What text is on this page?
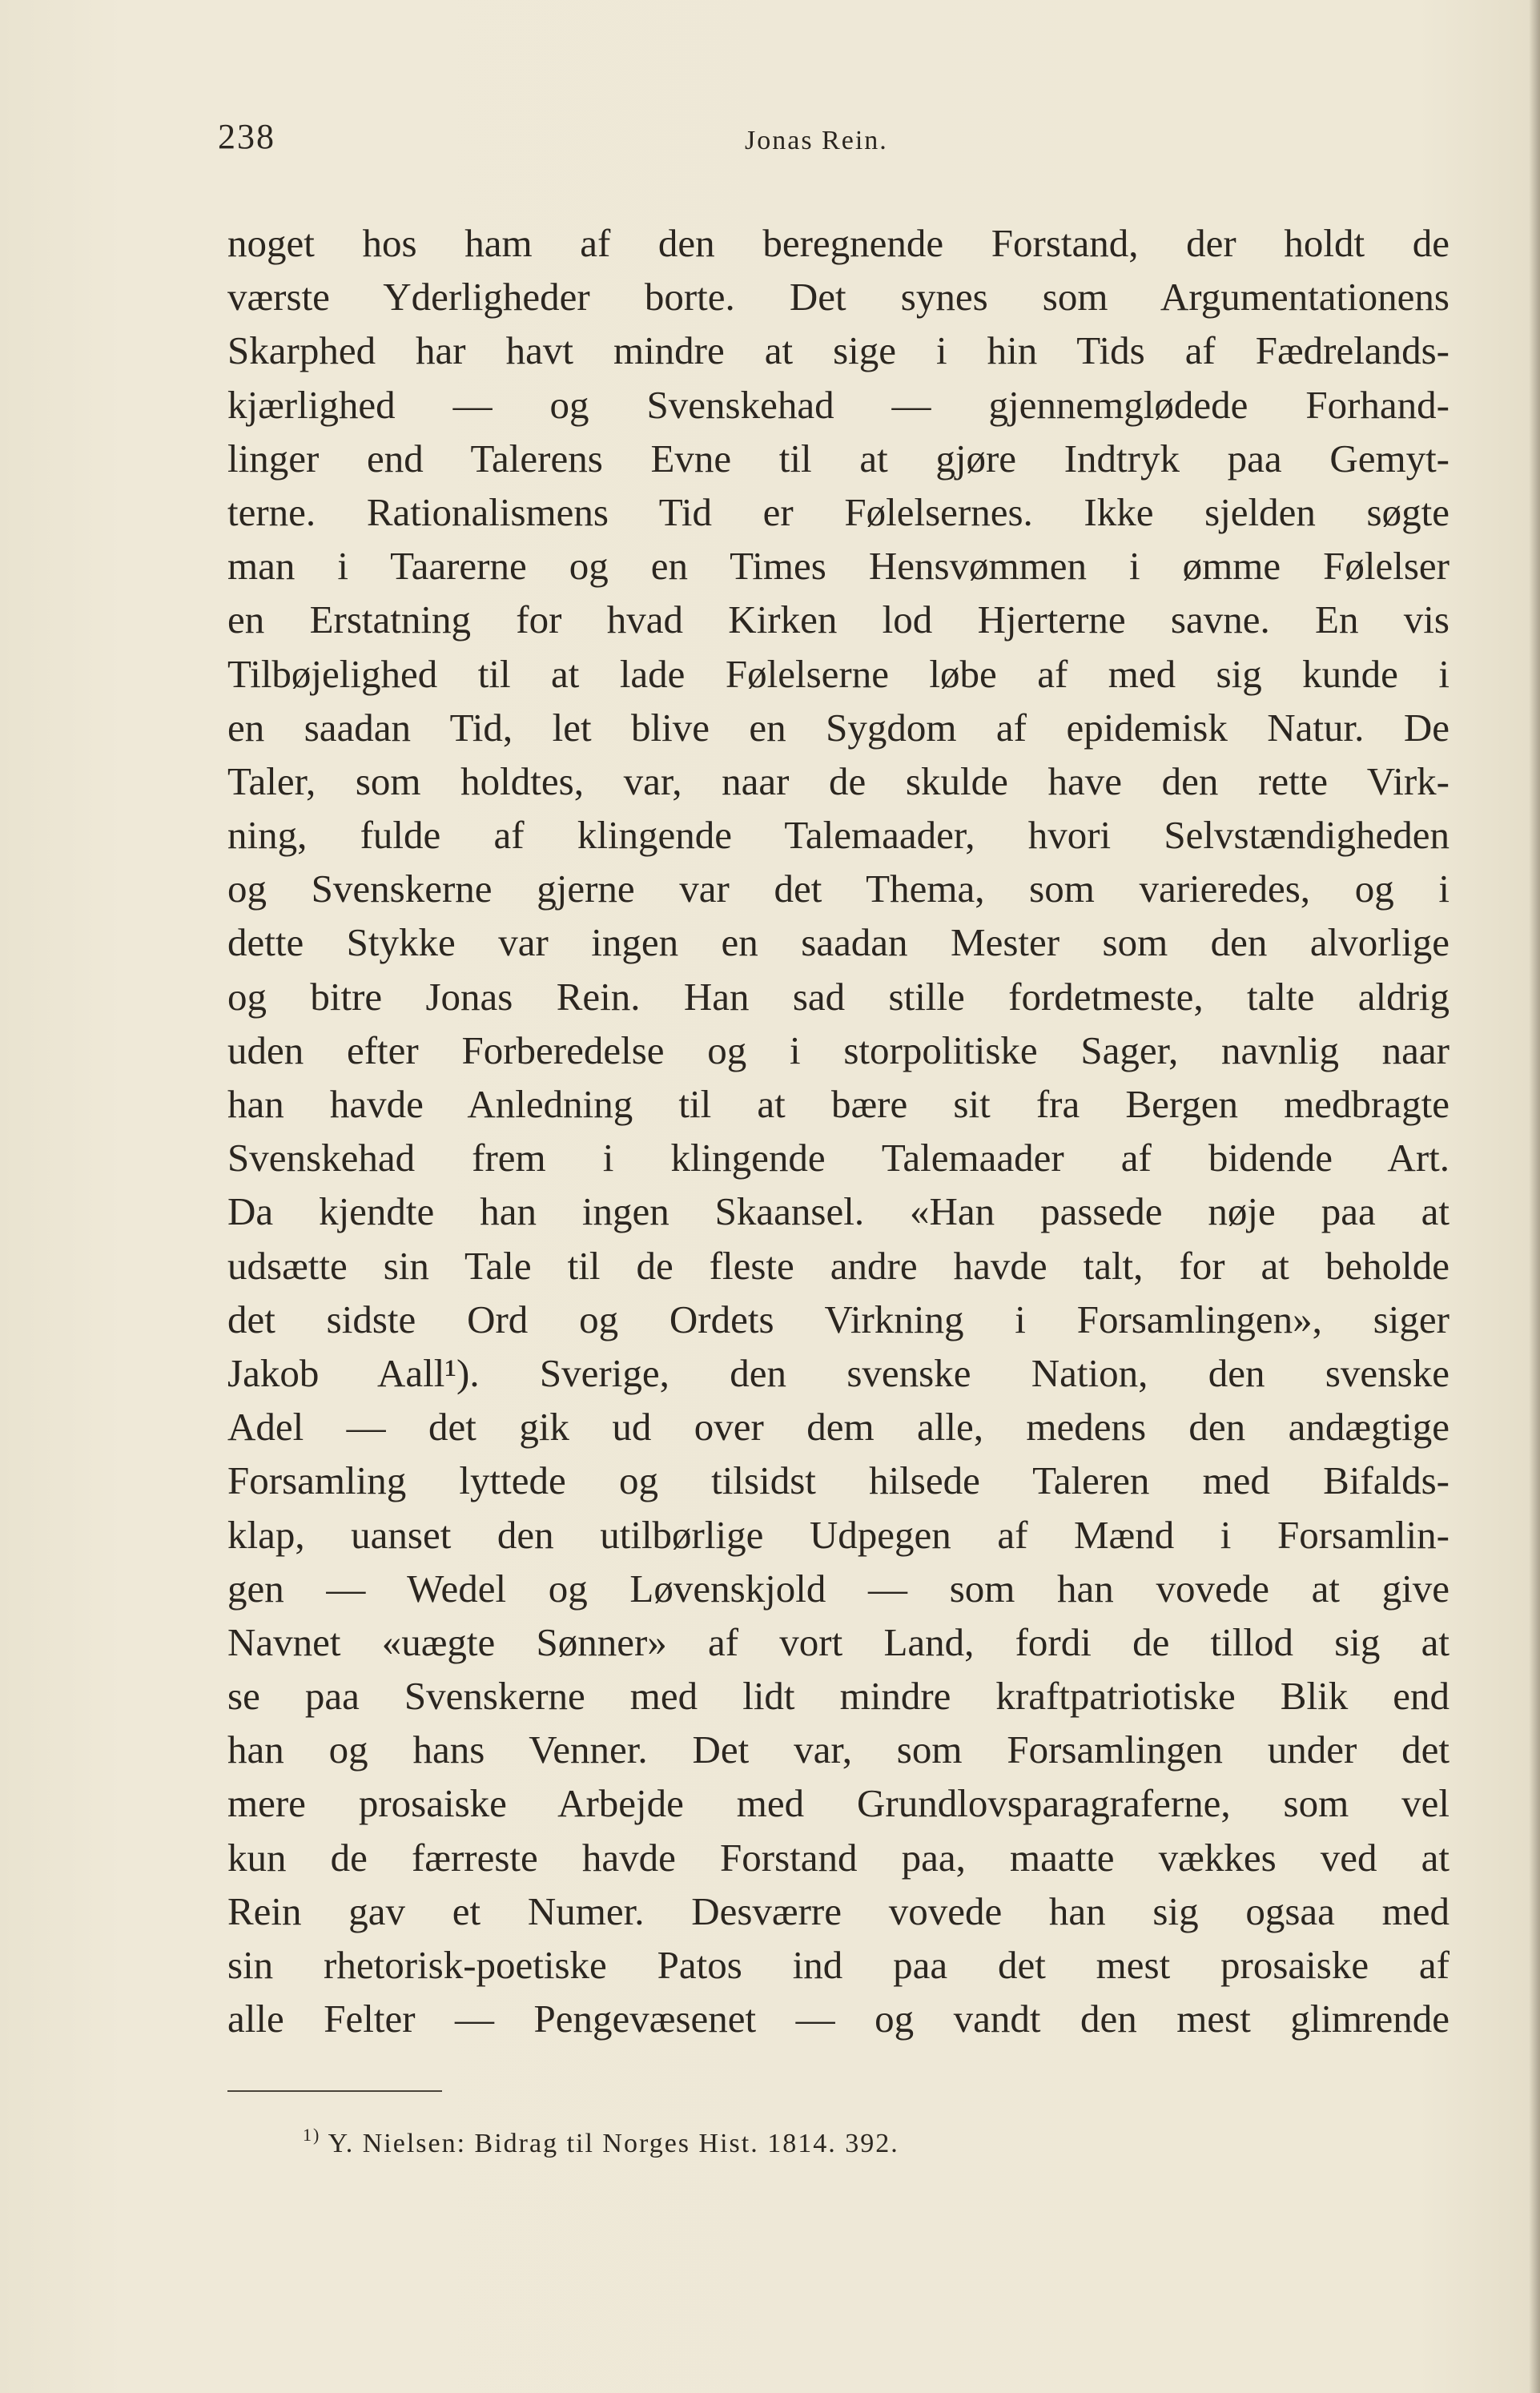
238	Jonas Rein.
noget hos ham af den beregnende Forstand, der holdt de
værste Yderligheder borte. Det synes som Argumentationens
Skarphed har havt mindre at sige i hin Tids af Fædrelands-
kjærlighed — og Svenskehad — gjennemglødede Forhand-
linger end Talerens Evne til at gjøre Indtryk paa Gemyt-
terne. Rationalismens Tid er Følelsernes. Ikke sjelden søgte
man i Taarerne og en Times Hensvømmen i ømme Følelser
en Erstatning for hvad Kirken lod Hjerterne savne. En vis
Tilbøjelighed til at lade Følelserne løbe af med sig kunde i
en saadan Tid, let blive en Sygdom af epidemisk Natur. De
Taler, som holdtes, var, naar de skulde have den rette Virk-
ning, fulde af klingende Talemaader, hvori Selvstændigheden
og Svenskerne gjerne var det Thema, som varieredes, og i
dette Stykke var ingen en saadan Mester som den alvorlige
og bitre Jonas Rein. Han sad stille fordetmeste, talte aldrig
uden efter Forberedelse og i storpolitiske Sager, navnlig naar
han havde Anledning til at bære sit fra Bergen medbragte
Svenskehad frem i klingende Talemaader af bidende Art.
Da kjendte han ingen Skaansel. «Han passede nøje paa at
udsætte sin Tale til de fleste andre havde talt, for at beholde
det sidste Ord og Ordets Virkning i Forsamlingen», siger
Jakob Aall¹). Sverige, den svenske Nation, den svenske
Adel — det gik ud over dem alle, medens den andægtige
Forsamling lyttede og tilsidst hilsede Taleren med Bifalds-
klap, uanset den utilbørlige Udpegen af Mænd i Forsamlin-
gen — Wedel og Løvenskjold — som han vovede at give
Navnet «uægte Sønner» af vort Land, fordi de tillod sig at
se paa Svenskerne med lidt mindre kraftpatriotiske Blik end
han og hans Venner. Det var, som Forsamlingen under det
mere prosaiske Arbejde med Grundlovsparagraferne, som vel
kun de færreste havde Forstand paa, maatte vækkes ved at
Rein gav et Numer. Desværre vovede han sig ogsaa med
sin rhetorisk-poetiske Patos ind paa det mest prosaiske af
alle Felter — Pengevæsenet — og vandt den mest glimrende
$^{1)}$ Y. Nielsen: Bidrag til Norges Hist. 1814. 392.
